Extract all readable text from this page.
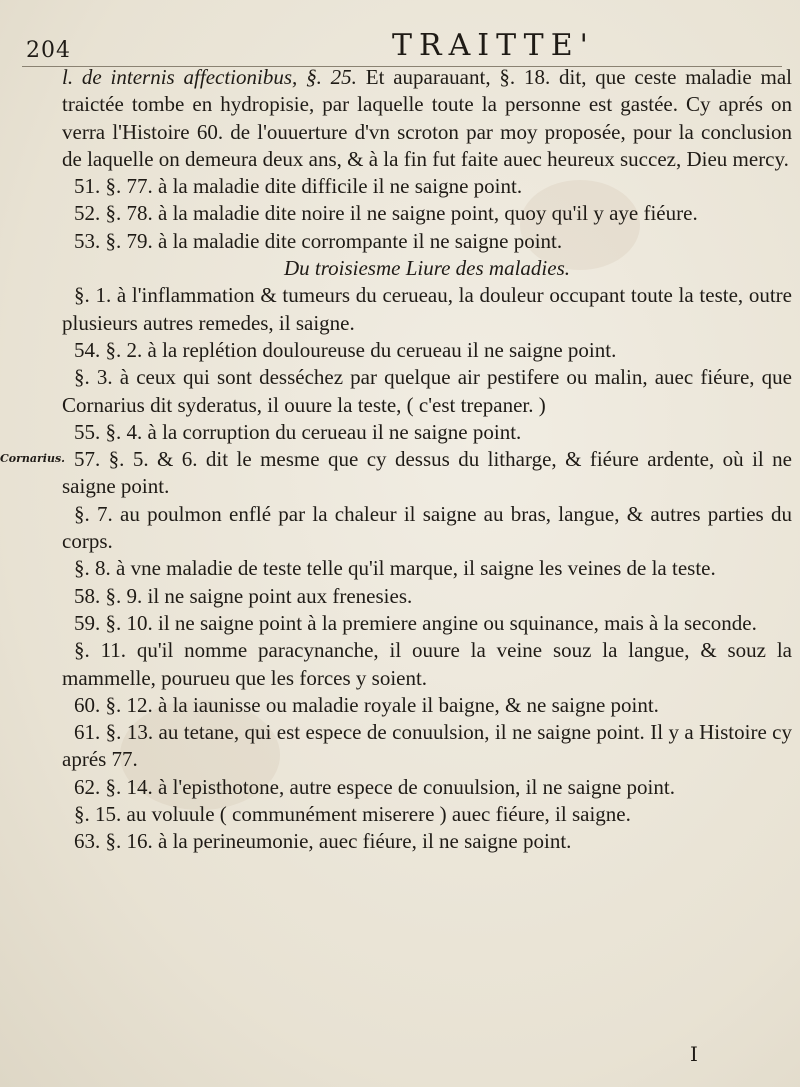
204	TRAITTE'
Cornarius.

l. de internis affectionibus, §. 25. Et auparauant, §. 18. dit, que ceste maladie mal traictée tombe en hydropisie, par laquelle toute la personne est gastée. Cy aprés on verra l'Histoire 60. de l'ouuerture d'vn scroton par moy proposée, pour la conclusion de laquelle on demeura deux ans, & à la fin fut faite auec heureux succez, Dieu mercy.

51. §. 77. à la maladie dite difficile il ne saigne point.

52. §. 78. à la maladie dite noire il ne saigne point, quoy qu'il y aye fiéure.

53. §. 79. à la maladie dite corrompante il ne saigne point.

Du troisiesme Liure des maladies.

§. 1. à l'inflammation & tumeurs du cerueau, la douleur occupant toute la teste, outre plusieurs autres remedes, il saigne.

54. §. 2. à la replétion douloureuse du cerueau il ne saigne point.

§. 3. à ceux qui sont desséchez par quelque air pestifere ou malin, auec fiéure, que Cornarius dit syderatus, il ouure la teste, ( c'est trepaner. )

55. §. 4. à la corruption du cerueau il ne saigne point.

57. §. 5. & 6. dit le mesme que cy dessus du litharge, & fiéure ardente, où il ne saigne point.

§. 7. au poulmon enflé par la chaleur il saigne au bras, langue, & autres parties du corps.

§. 8. à vne maladie de teste telle qu'il marque, il saigne les veines de la teste.

58. §. 9. il ne saigne point aux frenesies.

59. §. 10. il ne saigne point à la premiere angine ou squinance, mais à la seconde.

§. 11. qu'il nomme paracynanche, il ouure la veine souz la langue, & souz la mammelle, pourueu que les forces y soient.

60. §. 12. à la iaunisse ou maladie royale il baigne, & ne saigne point.

61. §. 13. au tetane, qui est espece de conuulsion, il ne saigne point. Il y a Histoire cy aprés 77.

62. §. 14. à l'episthotone, autre espece de conuulsion, il ne saigne point.

§. 15. au voluule ( communément miserere ) auec fiéure, il saigne.

63. §. 16. à la perineumonie, auec fiéure, il ne saigne point.

I
